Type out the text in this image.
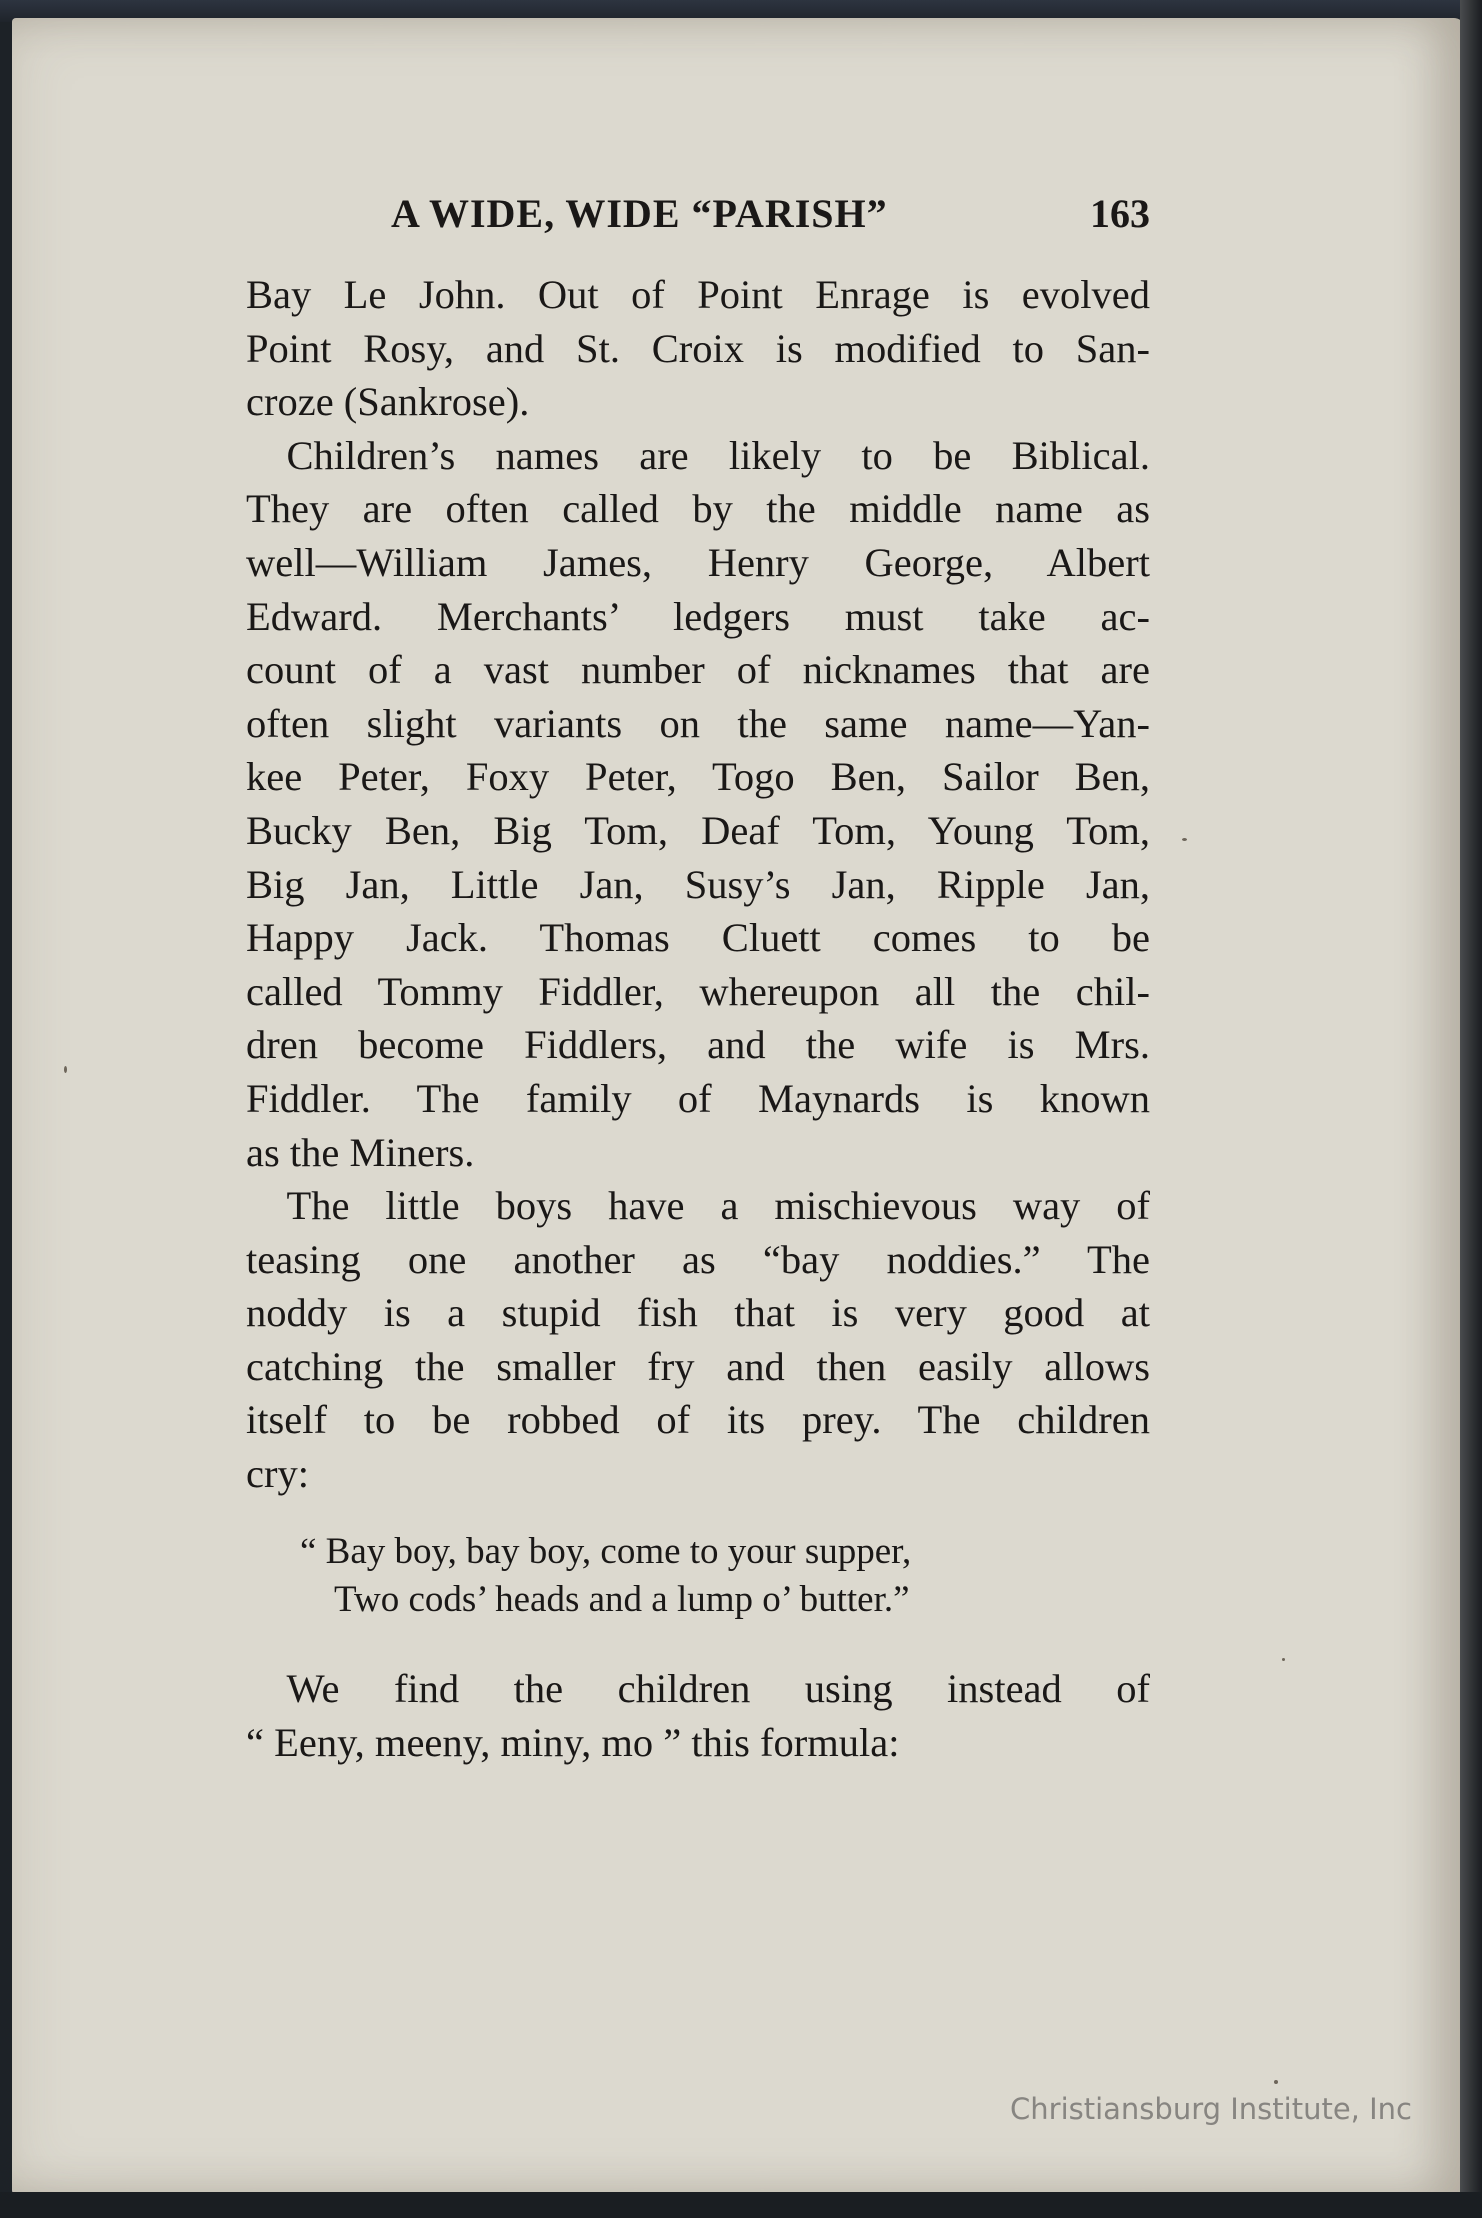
A WIDE, WIDE “PARISH”	163
Bay Le John. Out of Point Enrage is evolved
Point Rosy, and St. Croix is modified to San-
croze (Sankrose).
 Children’s names are likely to be Biblical.
They are often called by the middle name as
well—William James, Henry George, Albert
Edward. Merchants’ ledgers must take ac-
count of a vast number of nicknames that are
often slight variants on the same name—Yan-
kee Peter, Foxy Peter, Togo Ben, Sailor Ben,
Bucky Ben, Big Tom, Deaf Tom, Young Tom,
Big Jan, Little Jan, Susy’s Jan, Ripple Jan,
Happy Jack. Thomas Cluett comes to be
called Tommy Fiddler, whereupon all the chil-
dren become Fiddlers, and the wife is Mrs.
Fiddler. The family of Maynards is known
as the Miners.
 The little boys have a mischievous way of
teasing one another as “bay noddies.” The
noddy is a stupid fish that is very good at
catching the smaller fry and then easily allows
itself to be robbed of its prey. The children
cry:
“ Bay boy, bay boy, come to your supper,
Two cods’ heads and a lump o’ butter.”
 We find the children using instead of
“ Eeny, meeny, miny, mo ” this formula:
Christiansburg Institute, Inc
